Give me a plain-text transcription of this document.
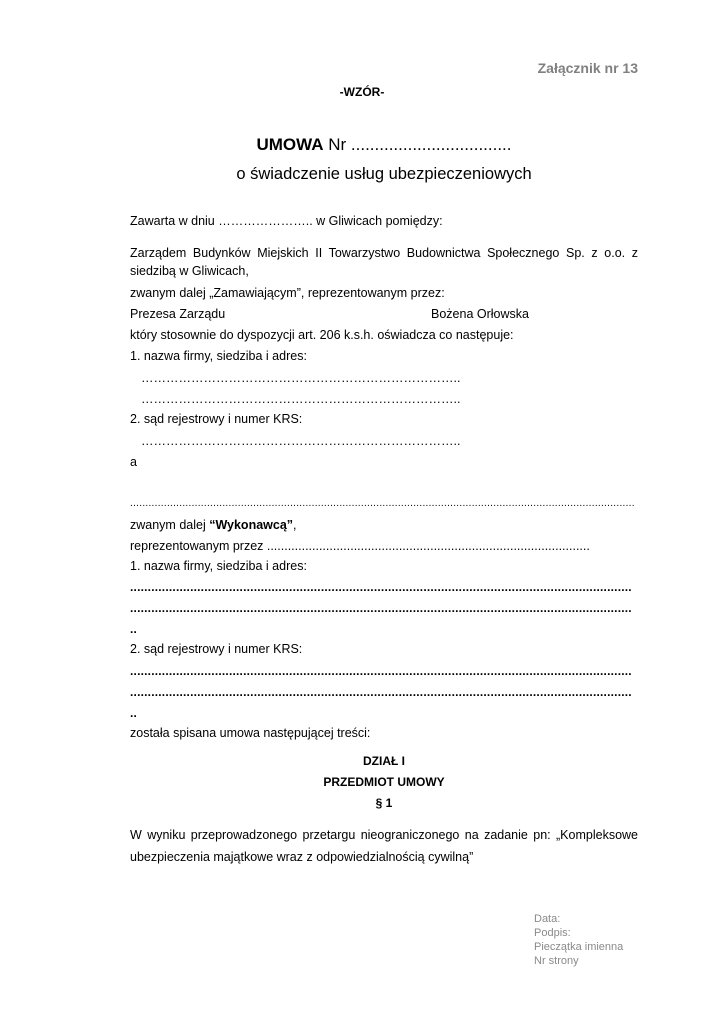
Załącznik nr 13
-WZÓR-
UMOWA Nr ..................................
o świadczenie usług ubezpieczeniowych
Zawarta w dniu ………………….. w Gliwicach pomiędzy:
Zarządem Budynków Miejskich II Towarzystwo Budownictwa Społecznego Sp. z o.o. z
siedzibą w Gliwicach,
zwanym dalej „Zamawiającym”, reprezentowanym przez:
Prezesa Zarządu	Bożena Orłowska
który stosownie do dyspozycji art. 206 k.s.h. oświadcza co następuje:
1. nazwa firmy, siedziba i adres:
…………………………………………………………………..
…………………………………………………………………..
2. sąd rejestrowy i numer KRS:
…………………………………………………………………..
a
....................................................................................................................................................................
zwanym dalej “Wykonawcą”,
reprezentowanym przez .............................................................................................
1. nazwa firmy, siedziba i adres:
..............................................................................................................................................
..............................................................................................................................................
..
2. sąd rejestrowy i numer KRS:
..............................................................................................................................................
..............................................................................................................................................
..
została spisana umowa następującej treści:
DZIAŁ I
PRZEDMIOT UMOWY
§ 1
W wyniku przeprowadzonego przetargu nieograniczonego na zadanie pn: „Kompleksowe
ubezpieczenia majątkowe wraz z odpowiedzialnością cywilną”
Data:
Podpis:
Pieczątka imienna
Nr strony
